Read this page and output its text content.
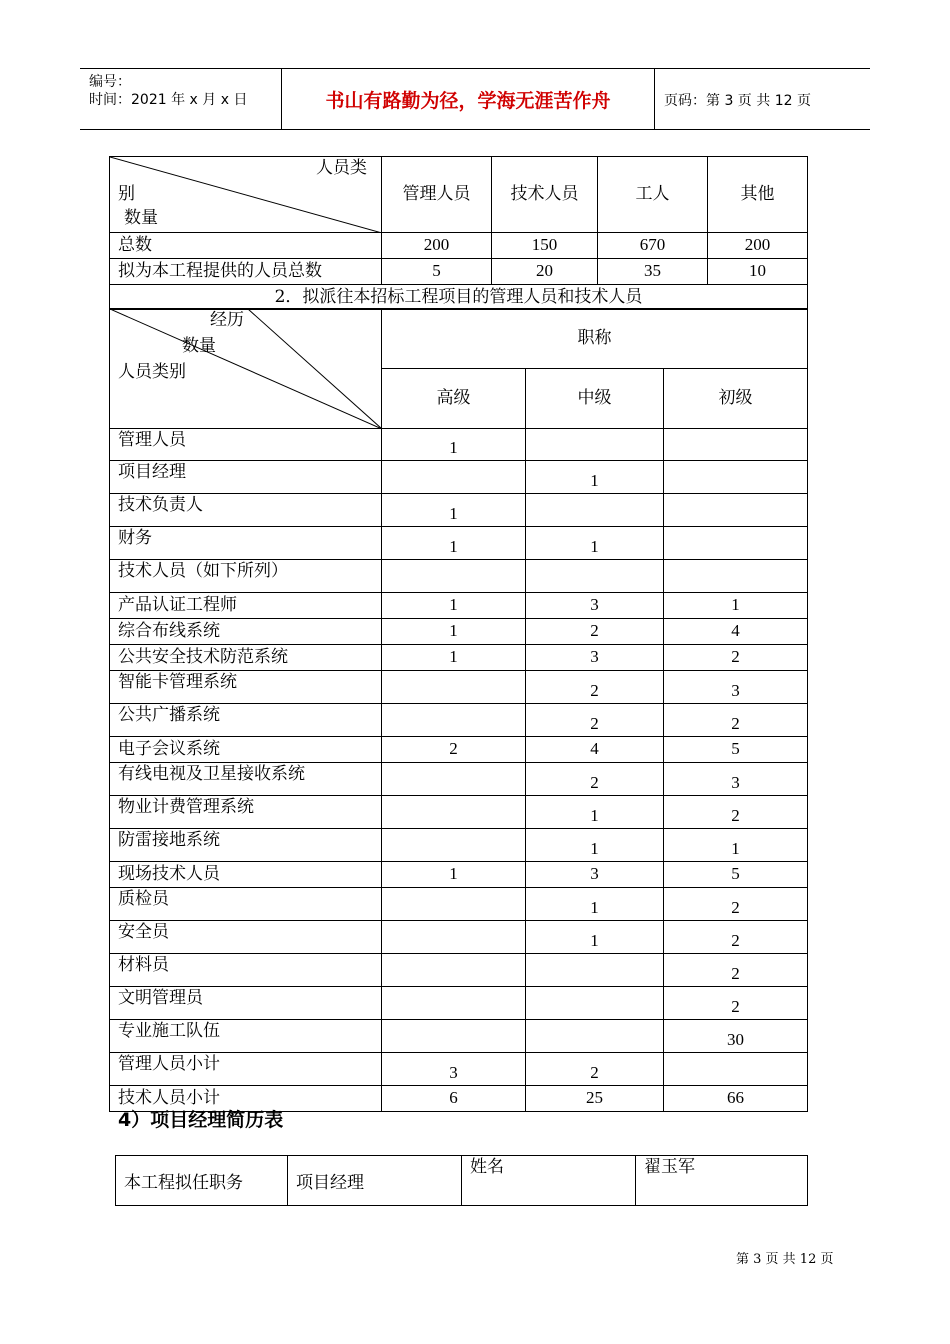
编号：
时间：2021 年 x 月 x 日	书山有路勤为径，学海无涯苦作舟	页码：第 3 页 共 12 页
人员类
别
数量	管理人员	技术人员	工人	其他
总数	200	150	670	200
拟为本工程提供的人员总数	5	20	35	10
2．拟派往本招标工程项目的管理人员和技术人员				
经历
数量
人员类别	职称		
	高级	中级	初级
管理人员	1		
项目经理		1	
技术负责人	1		
财务	1	1	
技术人员（如下所列）			
产品认证工程师	1	3	1
综合布线系统	1	2	4
公共安全技术防范系统	1	3	2
智能卡管理系统		2	3
公共广播系统		2	2
电子会议系统	2	4	5
有线电视及卫星接收系统		2	3
物业计费管理系统		1	2
防雷接地系统		1	1
现场技术人员	1	3	5
质检员		1	2
安全员		1	2
材料员			2
文明管理员			2
专业施工队伍			30
管理人员小计	3	2	
技术人员小计	6	25	66
4）项目经理简历表
本工程拟任职务	项目经理	姓名	翟玉军
第 3 页 共 12 页
